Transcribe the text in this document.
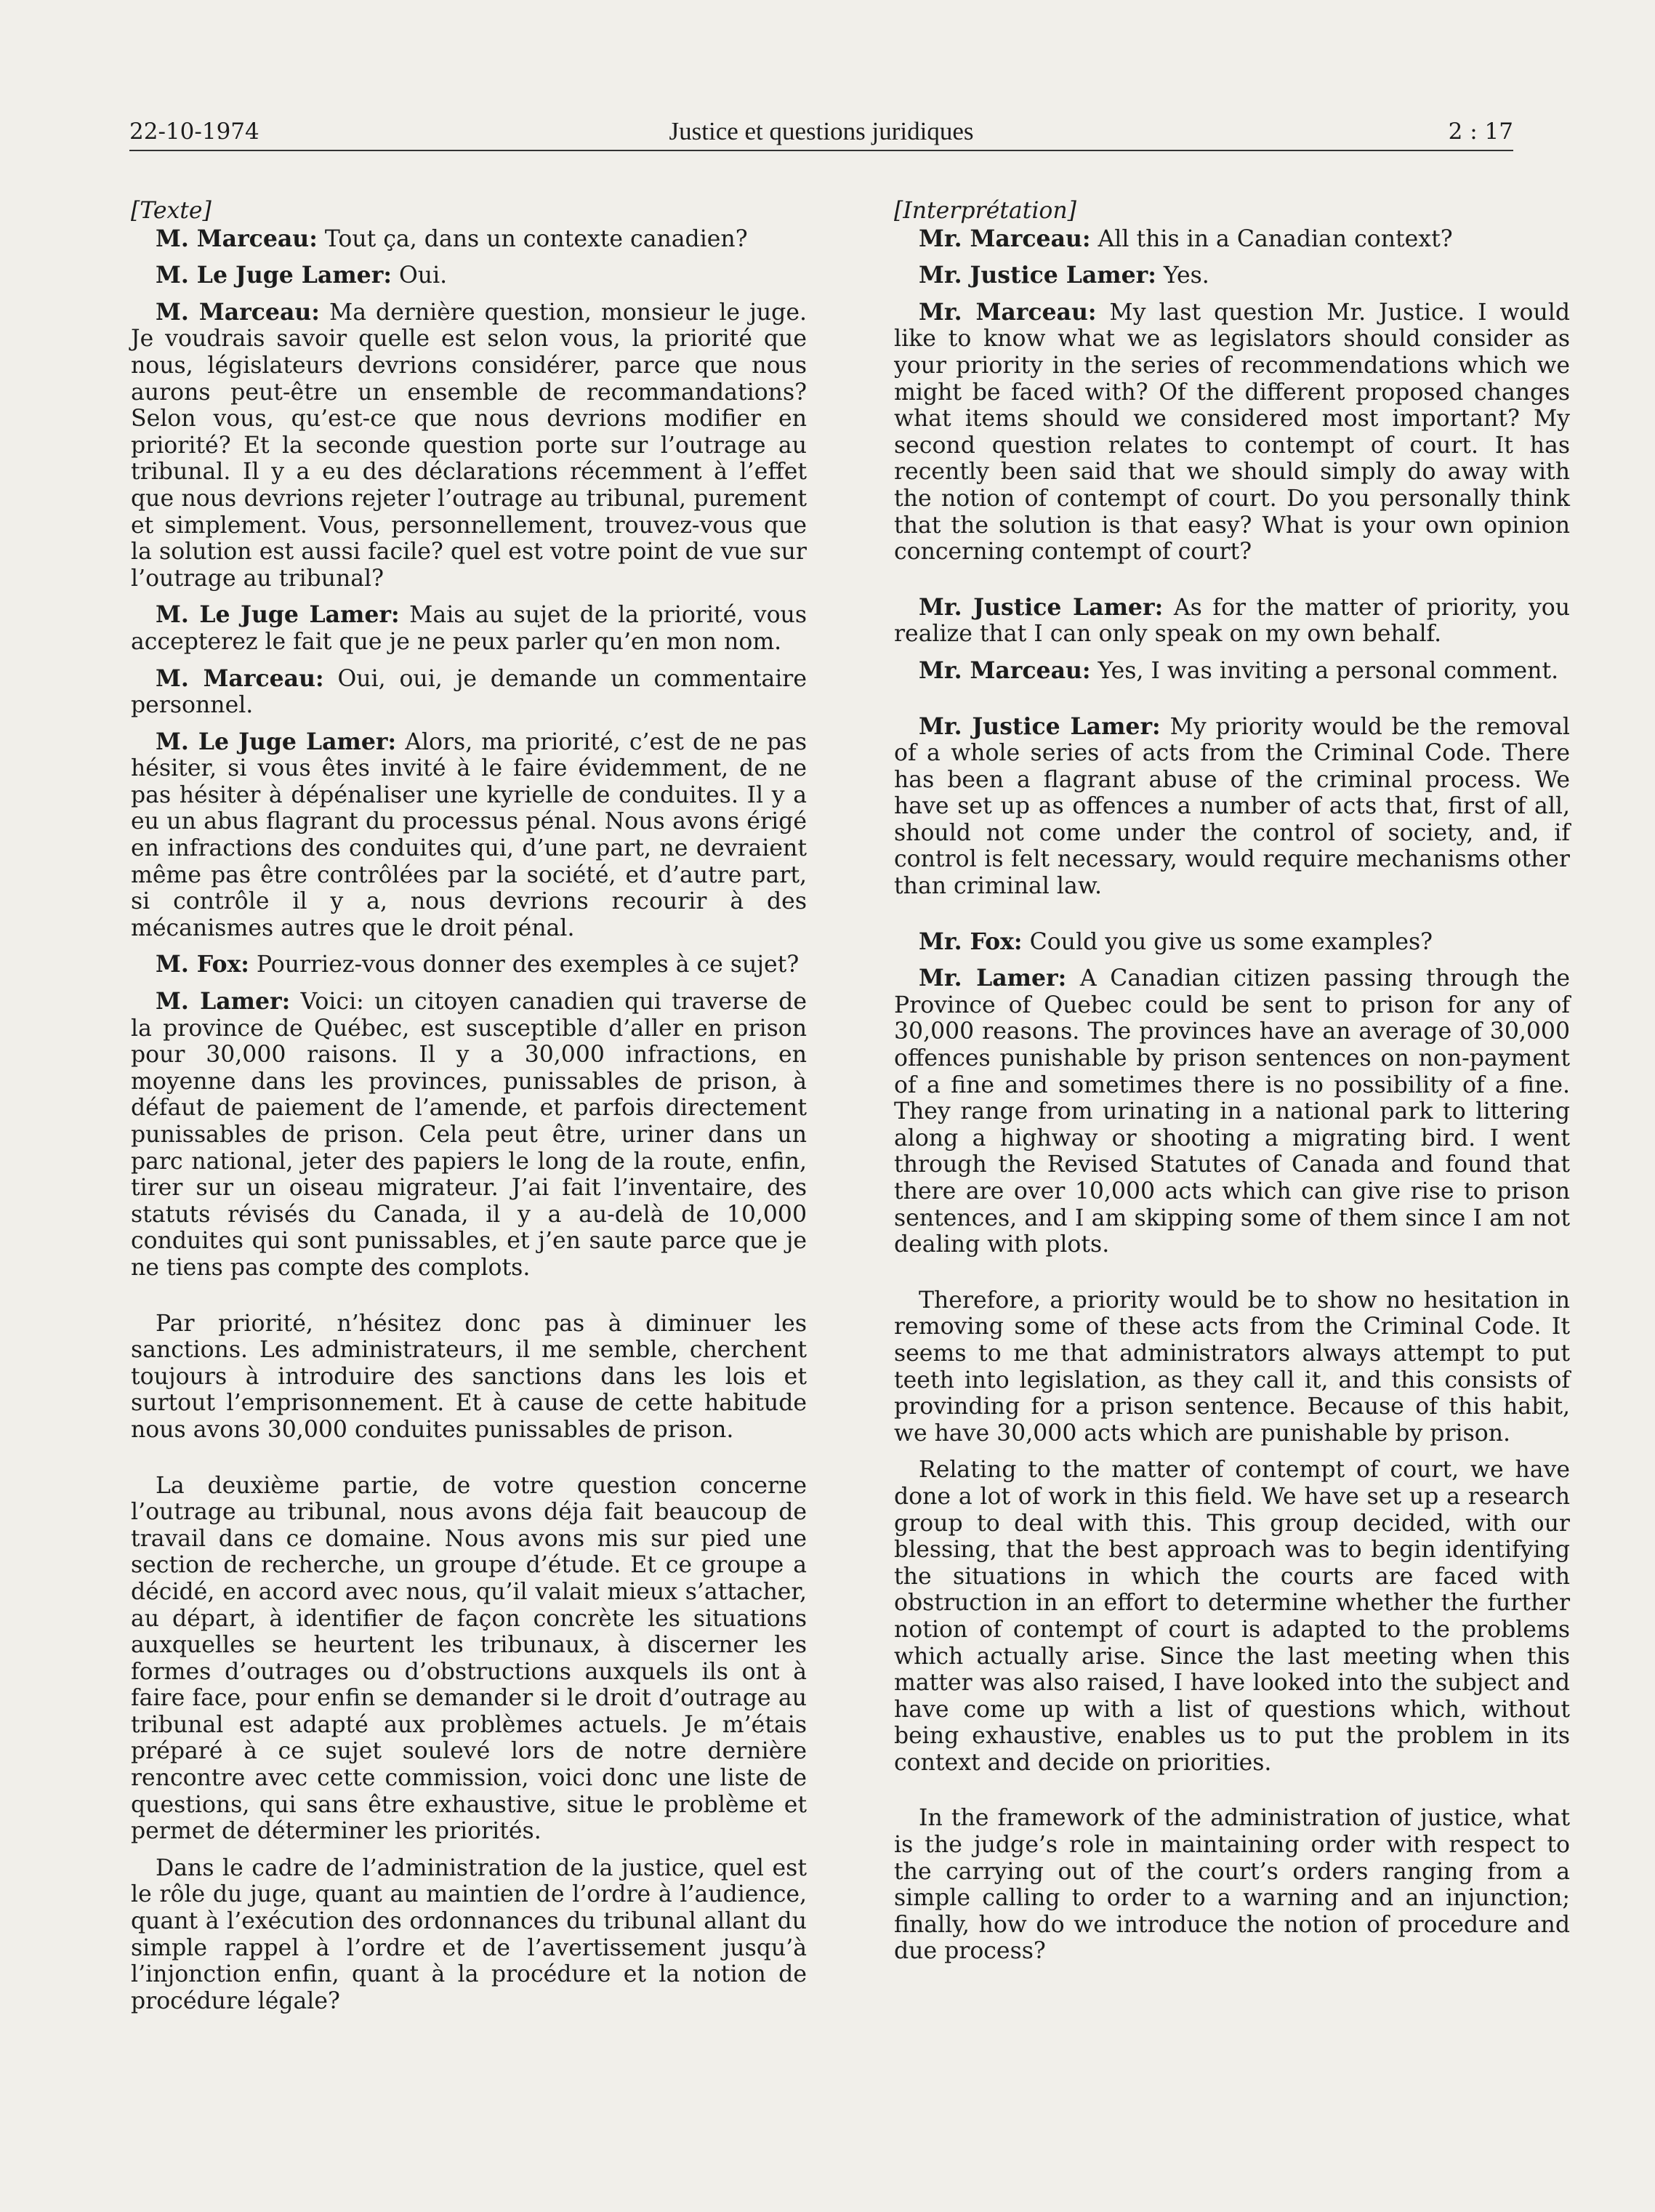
22-10-1974	Justice et questions juridiques	2 : 17

[Texte]

M. Marceau: Tout ça, dans un contexte canadien?

M. Le Juge Lamer: Oui.

M. Marceau: Ma dernière question, monsieur le juge. Je voudrais savoir quelle est selon vous, la priorité que nous, législateurs devrions considérer, parce que nous aurons peut-être un ensemble de recommandations? Selon vous, qu’est-ce que nous devrions modifier en priorité? Et la seconde question porte sur l’outrage au tribunal. Il y a eu des déclarations récemment à l’effet que nous devrions rejeter l’outrage au tribunal, purement et simplement. Vous, personnellement, trouvez-vous que la solution est aussi facile? quel est votre point de vue sur l’outrage au tribunal?

M. Le Juge Lamer: Mais au sujet de la priorité, vous accepterez le fait que je ne peux parler qu’en mon nom.

M. Marceau: Oui, oui, je demande un commentaire personnel.

M. Le Juge Lamer: Alors, ma priorité, c’est de ne pas hésiter, si vous êtes invité à le faire évidemment, de ne pas hésiter à dépénaliser une kyrielle de conduites. Il y a eu un abus flagrant du processus pénal. Nous avons érigé en infractions des conduites qui, d’une part, ne devraient même pas être contrôlées par la société, et d’autre part, si contrôle il y a, nous devrions recourir à des mécanismes autres que le droit pénal.

M. Fox: Pourriez-vous donner des exemples à ce sujet?

M. Lamer: Voici: un citoyen canadien qui traverse de la province de Québec, est susceptible d’aller en prison pour 30,000 raisons. Il y a 30,000 infractions, en moyenne dans les provinces, punissables de prison, à défaut de paiement de l’amende, et parfois directement punissables de prison. Cela peut être, uriner dans un parc national, jeter des papiers le long de la route, enfin, tirer sur un oiseau migrateur. J’ai fait l’inventaire, des statuts révisés du Canada, il y a au-delà de 10,000 conduites qui sont punissables, et j’en saute parce que je ne tiens pas compte des complots.

Par priorité, n’hésitez donc pas à diminuer les sanctions. Les administrateurs, il me semble, cherchent toujours à introduire des sanctions dans les lois et surtout l’emprisonnement. Et à cause de cette habitude nous avons 30,000 conduites punissables de prison.

La deuxième partie, de votre question concerne l’outrage au tribunal, nous avons déja fait beaucoup de travail dans ce domaine. Nous avons mis sur pied une section de recherche, un groupe d’étude. Et ce groupe a décidé, en accord avec nous, qu’il valait mieux s’attacher, au départ, à identifier de façon concrète les situations auxquelles se heurtent les tribunaux, à discerner les formes d’outrages ou d’obstructions auxquels ils ont à faire face, pour enfin se demander si le droit d’outrage au tribunal est adapté aux problèmes actuels. Je m’étais préparé à ce sujet soulevé lors de notre dernière rencontre avec cette commission, voici donc une liste de questions, qui sans être exhaustive, situe le problème et permet de déterminer les priorités.

Dans le cadre de l’administration de la justice, quel est le rôle du juge, quant au maintien de l’ordre à l’audience, quant à l’exécution des ordonnances du tribunal allant du simple rappel à l’ordre et de l’avertissement jusqu’à l’injonction enfin, quant à la procédure et la notion de procédure légale?

[Interprétation]

Mr. Marceau: All this in a Canadian context?

Mr. Justice Lamer: Yes.

Mr. Marceau: My last question Mr. Justice. I would like to know what we as legislators should consider as your priority in the series of recommendations which we might be faced with? Of the different proposed changes what items should we considered most important? My second question relates to contempt of court. It has recently been said that we should simply do away with the notion of contempt of court. Do you personally think that the solution is that easy? What is your own opinion concerning contempt of court?

Mr. Justice Lamer: As for the matter of priority, you realize that I can only speak on my own behalf.

Mr. Marceau: Yes, I was inviting a personal comment.

Mr. Justice Lamer: My priority would be the removal of a whole series of acts from the Criminal Code. There has been a flagrant abuse of the criminal process. We have set up as offences a number of acts that, first of all, should not come under the control of society, and, if control is felt necessary, would require mechanisms other than criminal law.

Mr. Fox: Could you give us some examples?

Mr. Lamer: A Canadian citizen passing through the Province of Quebec could be sent to prison for any of 30,000 reasons. The provinces have an average of 30,000 offences punishable by prison sentences on non-payment of a fine and sometimes there is no possibility of a fine. They range from urinating in a national park to littering along a highway or shooting a migrating bird. I went through the Revised Statutes of Canada and found that there are over 10,000 acts which can give rise to prison sentences, and I am skipping some of them since I am not dealing with plots.

Therefore, a priority would be to show no hesitation in removing some of these acts from the Criminal Code. It seems to me that administrators always attempt to put teeth into legislation, as they call it, and this consists of provinding for a prison sentence. Because of this habit, we have 30,000 acts which are punishable by prison.

Relating to the matter of contempt of court, we have done a lot of work in this field. We have set up a research group to deal with this. This group decided, with our blessing, that the best approach was to begin identifying the situations in which the courts are faced with obstruction in an effort to determine whether the further notion of contempt of court is adapted to the problems which actually arise. Since the last meeting when this matter was also raised, I have looked into the subject and have come up with a list of questions which, without being exhaustive, enables us to put the problem in its context and decide on priorities.

In the framework of the administration of justice, what is the judge’s role in maintaining order with respect to the carrying out of the court’s orders ranging from a simple calling to order to a warning and an injunction; finally, how do we introduce the notion of procedure and due process?
